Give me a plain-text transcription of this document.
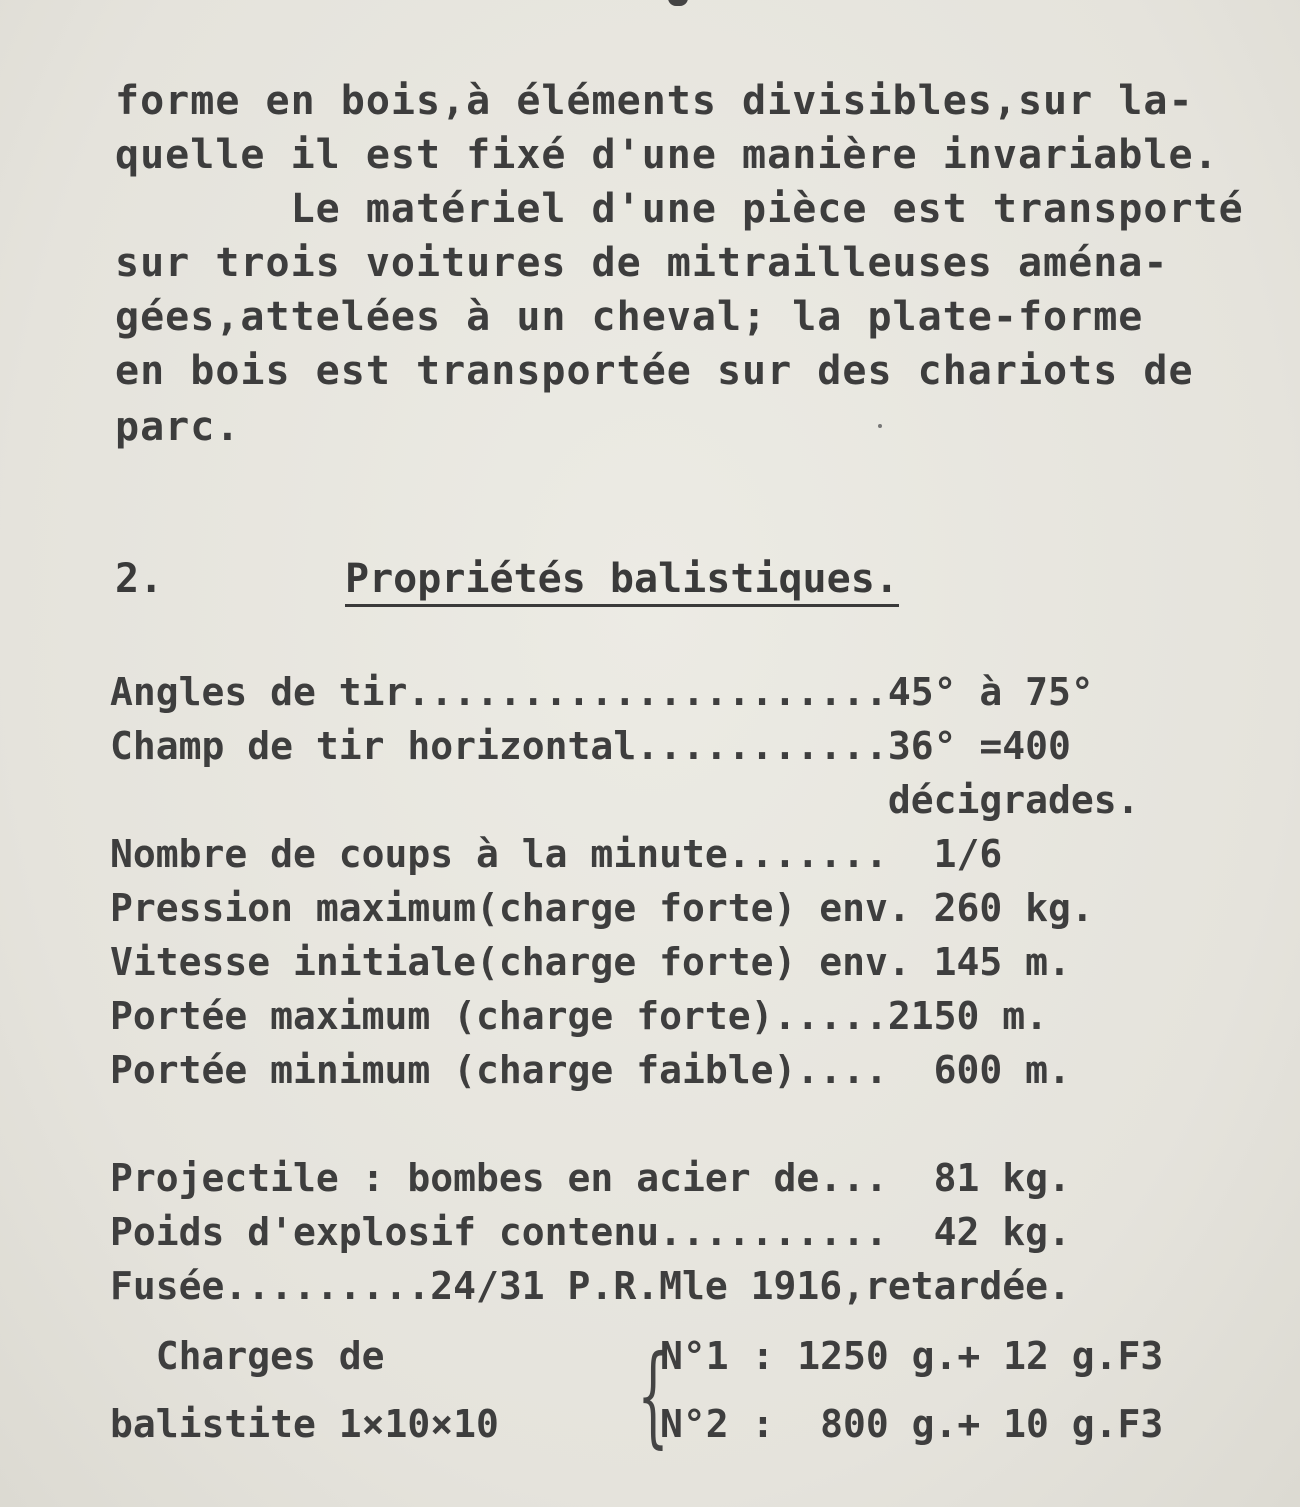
forme en bois,à éléments divisibles,sur la-
quelle il est fixé d'une manière invariable.
Le matériel d'une pièce est transporté
sur trois voitures de mitrailleuses aména-
gées,attelées à un cheval; la plate-forme
en bois est transportée sur des chariots de
parc.

2.

	Propriétés balistiques.

Angles de tir.....................45° à 75°
Champ de tir horizontal...........36° =400
décigrades.
Nombre de coups à la minute.......  1/6
Pression maximum(charge forte) env. 260 kg.
Vitesse initiale(charge forte) env. 145 m.
Portée maximum (charge forte).....2150 m.
Portée minimum (charge faible)....  600 m.
Projectile : bombes en acier de...  81 kg.
Poids d'explosif contenu..........  42 kg.
Fusée.........24/31 P.R.Mle 1916,retardée.
Charges de
balistite 1×10×10 {
N°1 : 1250 g.+ 12 g.F3
N°2 :  800 g.+ 10 g.F3
